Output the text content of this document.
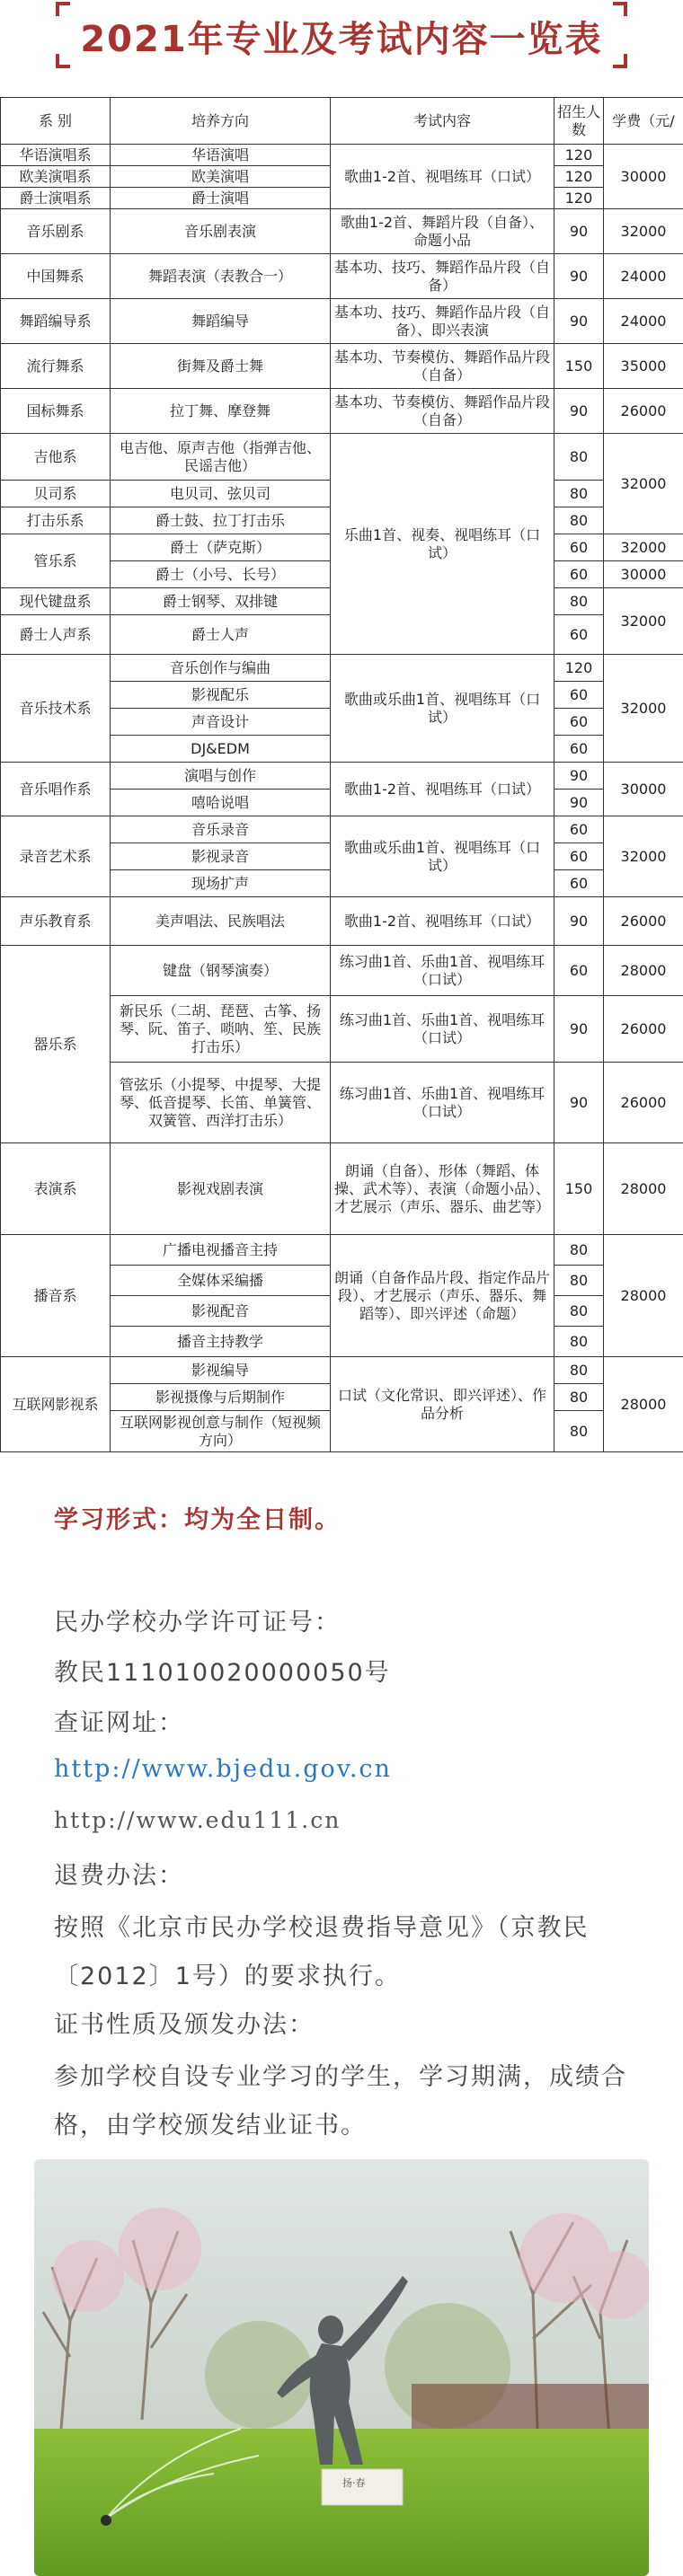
2021年专业及考试内容一览表
系 别	培养方向	考试内容	招生人数	学费（元/
华语演唱系	华语演唱	歌曲1-2首、视唱练耳（口试）	120	30000
欧美演唱系	欧美演唱		120	
爵士演唱系	爵士演唱		120	
音乐剧系	音乐剧表演	歌曲1-2首、舞蹈片段（自备）、命题小品	90	32000
中国舞系	舞蹈表演（表教合一）	基本功、技巧、舞蹈作品片段（自备）	90	24000
舞蹈编导系	舞蹈编导	基本功、技巧、舞蹈作品片段（自备）、即兴表演	90	24000
流行舞系	街舞及爵士舞	基本功、节奏模仿、舞蹈作品片段（自备）	150	35000
国标舞系	拉丁舞、摩登舞	基本功、节奏模仿、舞蹈作品片段（自备）	90	26000
吉他系	电吉他、原声吉他（指弹吉他、民谣吉他）	乐曲1首、视奏、视唱练耳（口试）	80	32000
贝司系	电贝司、弦贝司		80	
打击乐系	爵士鼓、拉丁打击乐		80	
管乐系	爵士（萨克斯）		60	32000
	爵士（小号、长号）		60	30000
现代键盘系	爵士钢琴、双排键		80	32000
爵士人声系	爵士人声		60	
音乐技术系	音乐创作与编曲	歌曲或乐曲1首、视唱练耳（口试）	120	32000
	影视配乐		60	
	声音设计		60	
	DJ&EDM		60	
音乐唱作系	演唱与创作	歌曲1-2首、视唱练耳（口试）	90	30000
	嘻哈说唱		90	
录音艺术系	音乐录音	歌曲或乐曲1首、视唱练耳（口试）	60	32000
	影视录音		60	
	现场扩声		60	
声乐教育系	美声唱法、民族唱法	歌曲1-2首、视唱练耳（口试）	90	26000
器乐系	键盘（钢琴演奏）	练习曲1首、乐曲1首、视唱练耳（口试）	60	28000
	新民乐（二胡、琵琶、古筝、扬琴、阮、笛子、唢呐、笙、民族打击乐）	练习曲1首、乐曲1首、视唱练耳（口试）	90	26000
	管弦乐（小提琴、中提琴、大提琴、低音提琴、长笛、单簧管、双簧管、西洋打击乐）	练习曲1首、乐曲1首、视唱练耳（口试）	90	26000
表演系	影视戏剧表演	朗诵（自备）、形体（舞蹈、体操、武术等）、表演（命题小品）、才艺展示（声乐、器乐、曲艺等）	150	28000
播音系	广播电视播音主持	朗诵（自备作品片段、指定作品片段）、才艺展示（声乐、器乐、舞蹈等）、即兴评述（命题）	80	28000
	全媒体采编播		80	
	影视配音		80	
	播音主持教学		80	
互联网影视系	影视编导	口试（文化常识、即兴评述）、作品分析	80	28000
	影视摄像与后期制作		80	
	互联网影视创意与制作（短视频方向）		80	
学习形式：均为全日制。
民办学校办学许可证号：
教民111010020000050号
查证网址：
http://www.bjedu.gov.cn
http://www.edu111.cn
退费办法：
按照《北京市民办学校退费指导意见》（京教民〔2012〕1号）的要求执行。
证书性质及颁发办法：
参加学校自设专业学习的学生，学习期满，成绩合格，由学校颁发结业证书。
扬·春
